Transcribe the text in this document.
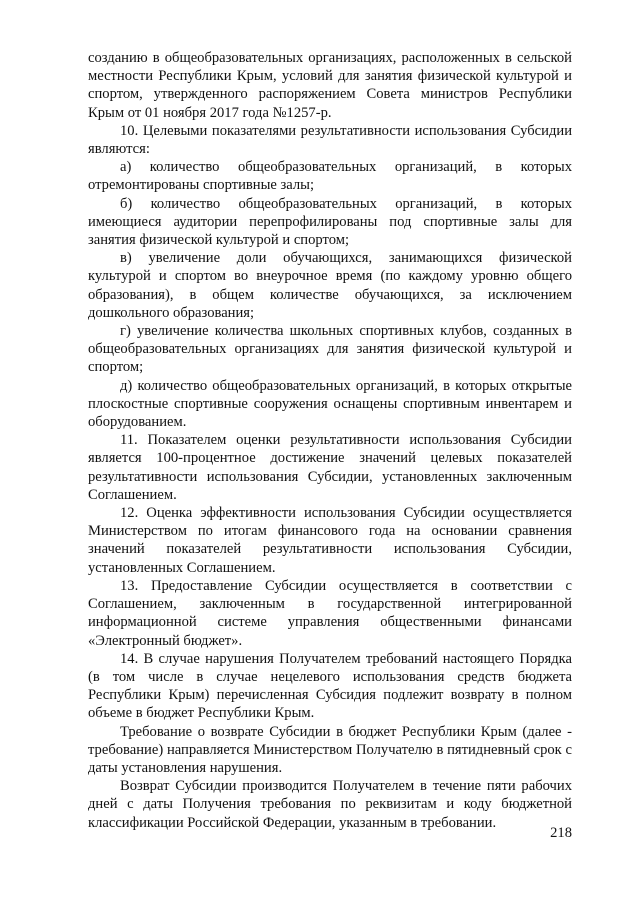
созданию в общеобразовательных организациях, расположенных в сельской местности Республики Крым, условий для занятия физической культурой и спортом, утвержденного распоряжением Совета министров Республики Крым от 01 ноября 2017 года №1257-р.

10. Целевыми показателями результативности использования Субсидии являются:

а) количество общеобразовательных организаций, в которых отремонтированы спортивные залы;

б) количество общеобразовательных организаций, в которых имеющиеся аудитории перепрофилированы под спортивные залы для занятия физической культурой и спортом;

в) увеличение доли обучающихся, занимающихся физической культурой и спортом во внеурочное время (по каждому уровню общего образования), в общем количестве обучающихся, за исключением дошкольного образования;

г) увеличение количества школьных спортивных клубов, созданных в общеобразовательных организациях для занятия физической культурой и спортом;

д) количество общеобразовательных организаций, в которых открытые плоскостные спортивные сооружения оснащены спортивным инвентарем и оборудованием.

11. Показателем оценки результативности использования Субсидии является 100-процентное достижение значений целевых показателей результативности использования Субсидии, установленных заключенным Соглашением.

12. Оценка эффективности использования Субсидии осуществляется Министерством по итогам финансового года на основании сравнения значений показателей результативности использования Субсидии, установленных Соглашением.

13. Предоставление Субсидии осуществляется в соответствии с Соглашением, заключенным в государственной интегрированной информационной системе управления общественными финансами «Электронный бюджет».

14. В случае нарушения Получателем требований настоящего Порядка (в том числе в случае нецелевого использования средств бюджета Республики Крым) перечисленная Субсидия подлежит возврату в полном объеме в бюджет Республики Крым.

Требование о возврате Субсидии в бюджет Республики Крым (далее - требование) направляется Министерством Получателю в пятидневный срок с даты установления нарушения.

Возврат Субсидии производится Получателем в течение пяти рабочих дней с даты Получения требования по реквизитам и коду бюджетной классификации Российской Федерации, указанным в требовании.

218
